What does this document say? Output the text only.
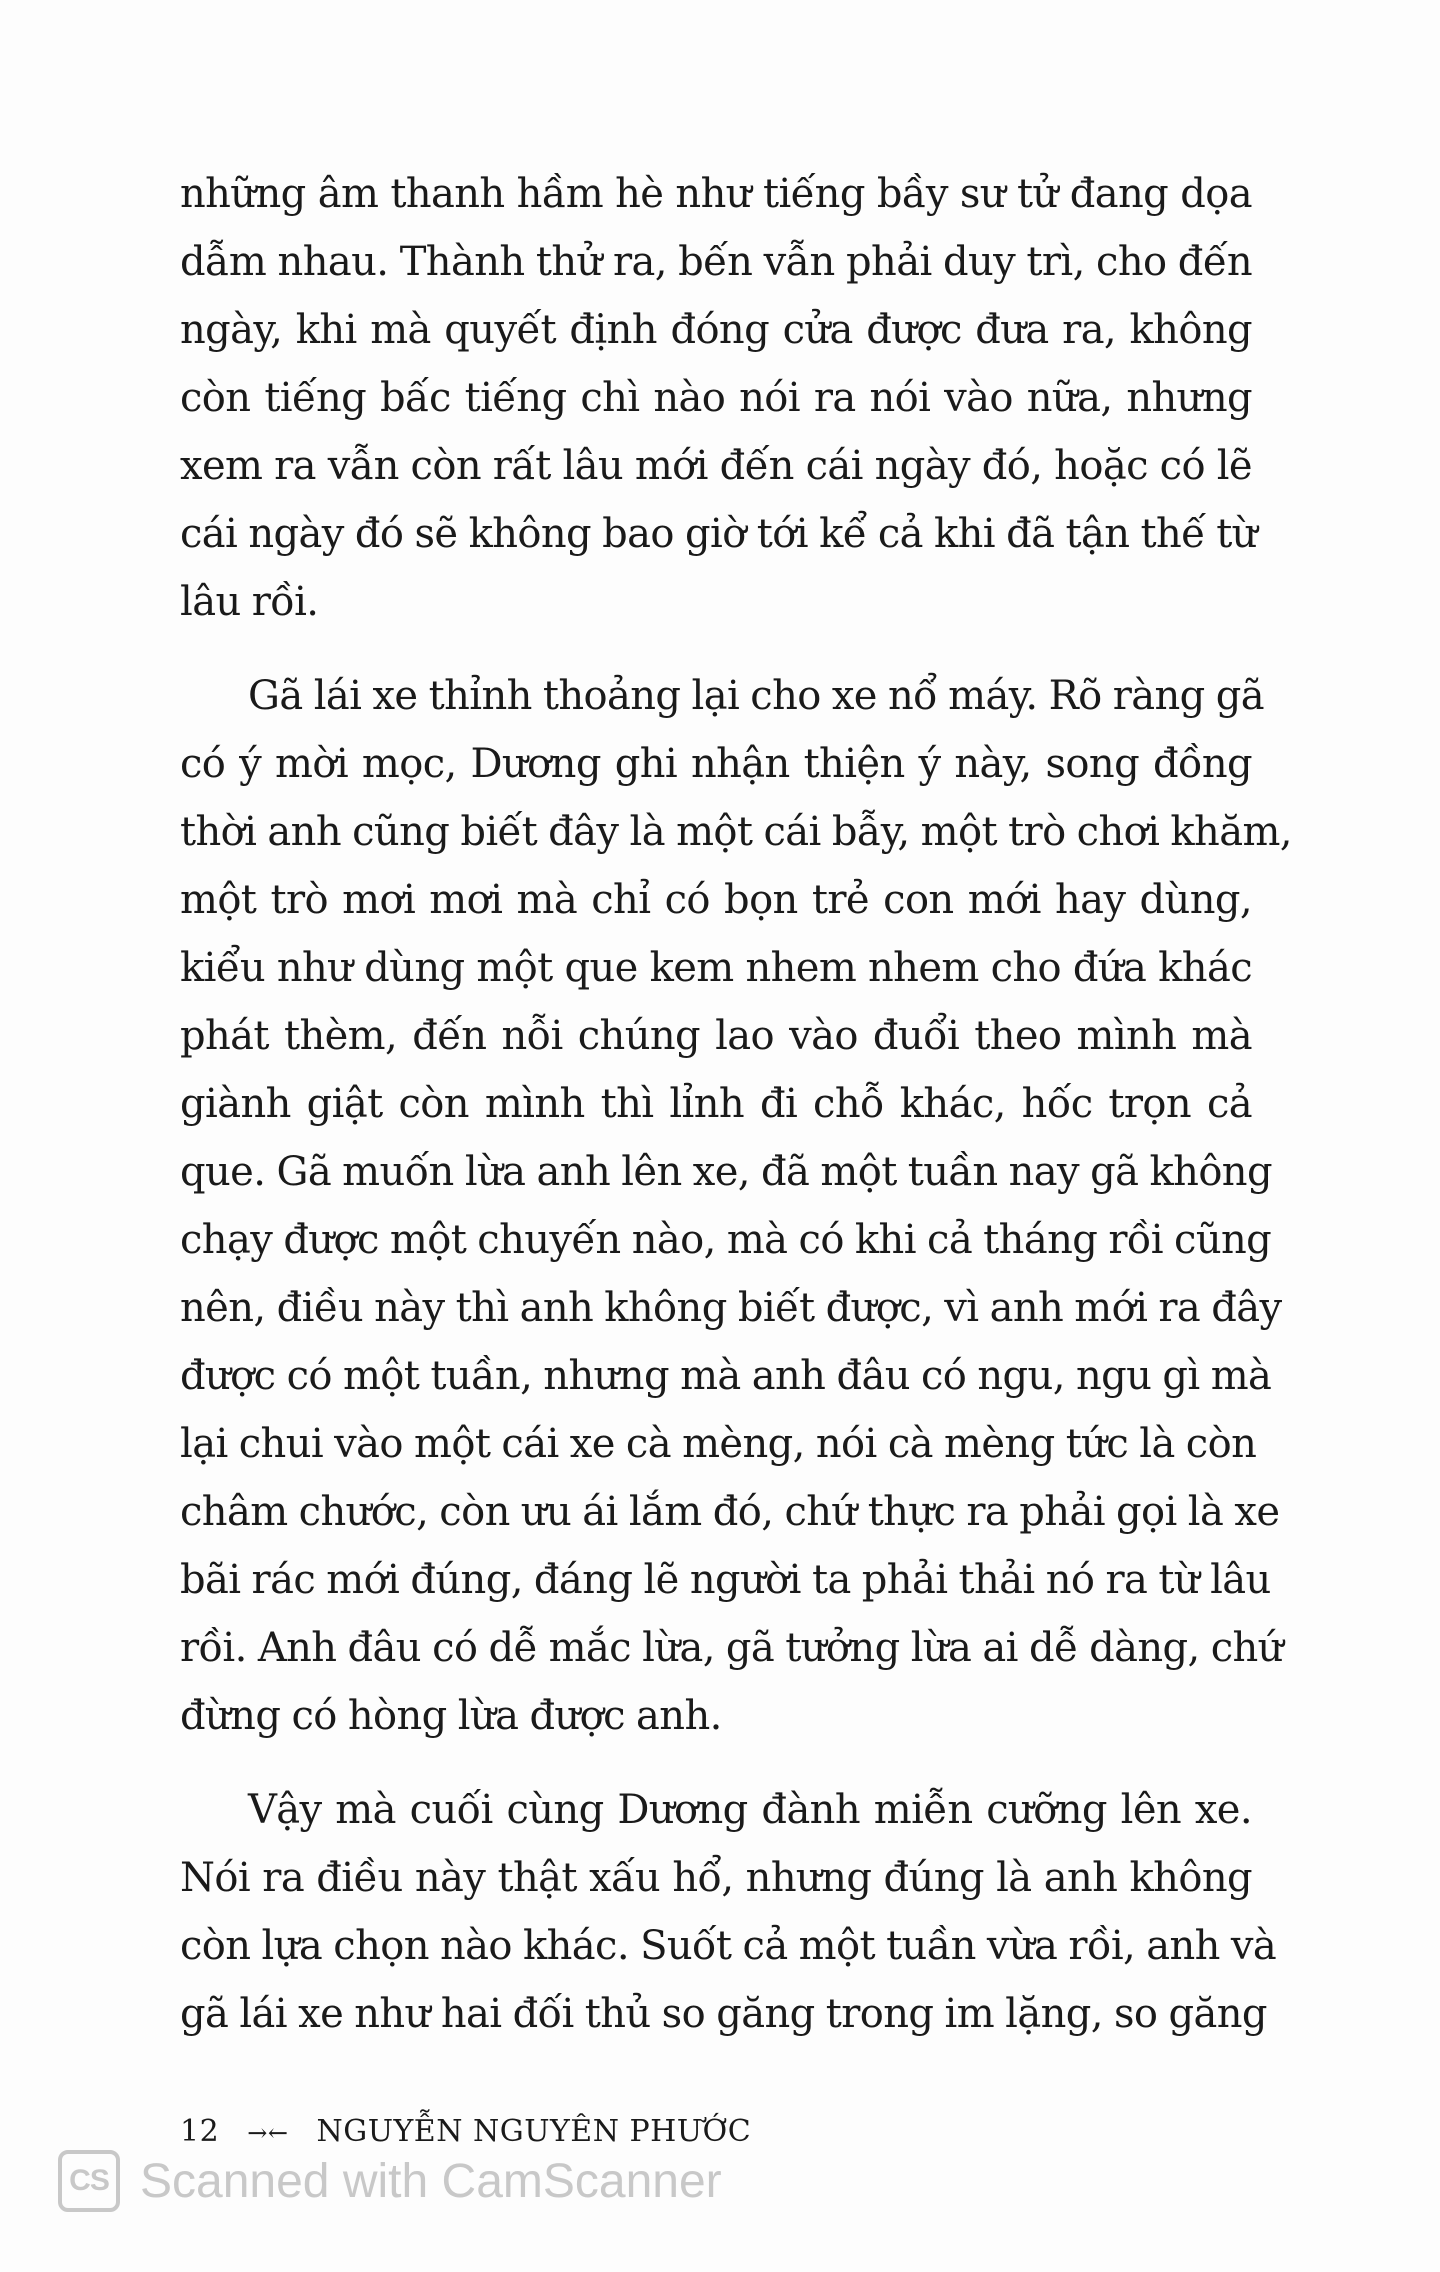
những âm thanh hầm hè như tiếng bầy sư tử đang dọa
dẫm nhau. Thành thử ra, bến vẫn phải duy trì, cho đến
ngày, khi mà quyết định đóng cửa được đưa ra, không
còn tiếng bấc tiếng chì nào nói ra nói vào nữa, nhưng
xem ra vẫn còn rất lâu mới đến cái ngày đó, hoặc có lẽ
cái ngày đó sẽ không bao giờ tới kể cả khi đã tận thế từ
lâu rồi.
Gã lái xe thỉnh thoảng lại cho xe nổ máy. Rõ ràng gã
có ý mời mọc, Dương ghi nhận thiện ý này, song đồng
thời anh cũng biết đây là một cái bẫy, một trò chơi khăm,
một trò mơi mơi mà chỉ có bọn trẻ con mới hay dùng,
kiểu như dùng một que kem nhem nhem cho đứa khác
phát thèm, đến nỗi chúng lao vào đuổi theo mình mà
giành giật còn mình thì lỉnh đi chỗ khác, hốc trọn cả
que. Gã muốn lừa anh lên xe, đã một tuần nay gã không
chạy được một chuyến nào, mà có khi cả tháng rồi cũng
nên, điều này thì anh không biết được, vì anh mới ra đây
được có một tuần, nhưng mà anh đâu có ngu, ngu gì mà
lại chui vào một cái xe cà mèng, nói cà mèng tức là còn
châm chước, còn ưu ái lắm đó, chứ thực ra phải gọi là xe
bãi rác mới đúng, đáng lẽ người ta phải thải nó ra từ lâu
rồi. Anh đâu có dễ mắc lừa, gã tưởng lừa ai dễ dàng, chứ
đừng có hòng lừa được anh.
Vậy mà cuối cùng Dương đành miễn cưỡng lên xe.
Nói ra điều này thật xấu hổ, nhưng đúng là anh không
còn lựa chọn nào khác. Suốt cả một tuần vừa rồi, anh và
gã lái xe như hai đối thủ so găng trong im lặng, so găng
12 →← NGUYỄN NGUYÊN PHƯỚC
CS Scanned with CamScanner
